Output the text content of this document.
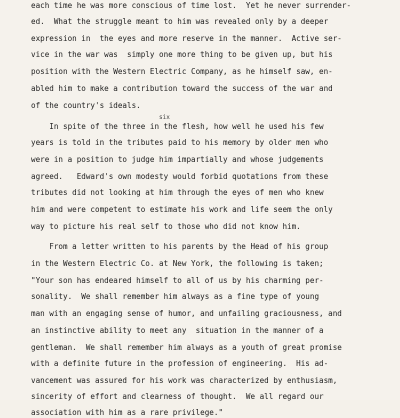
each time he was more conscious of time lost.  Yet he never surrender-
ed.  What the struggle meant to him was revealed only by a deeper
expression in  the eyes and more reserve in the manner.  Active ser-
vice in the war was  simply one more thing to be given up, but his
position with the Western Electric Company, as he himself saw, en-
abled him to make a contribution toward the success of the war and
of the country's ideals.
six
In spite of the three in the flesh, how well he used his few
years is told in the tributes paid to his memory by older men who
were in a position to judge him impartially and whose judgements
agreed.   Edward's own modesty would forbid quotations from these
tributes did not looking at him through the eyes of men who knew
him and were competent to estimate his work and life seem the only
way to picture his real self to those who did not know him.
From a letter written to his parents by the Head of his group
in the Western Electric Co. at New York, the following is taken;
"Your son has endeared himself to all of us by his charming per-
sonality.  We shall remember him always as a fine type of young
man with an engaging sense of humor, and unfailing graciousness, and
an instinctive ability to meet any  situation in the manner of a
gentleman.  We shall remember him always as a youth of great promise
with a definite future in the profession of engineering.  His ad-
vancement was assured for his work was characterized by enthusiasm,
sincerity of effort and clearness of thought.  We all regard our
association with him as a rare privilege."
